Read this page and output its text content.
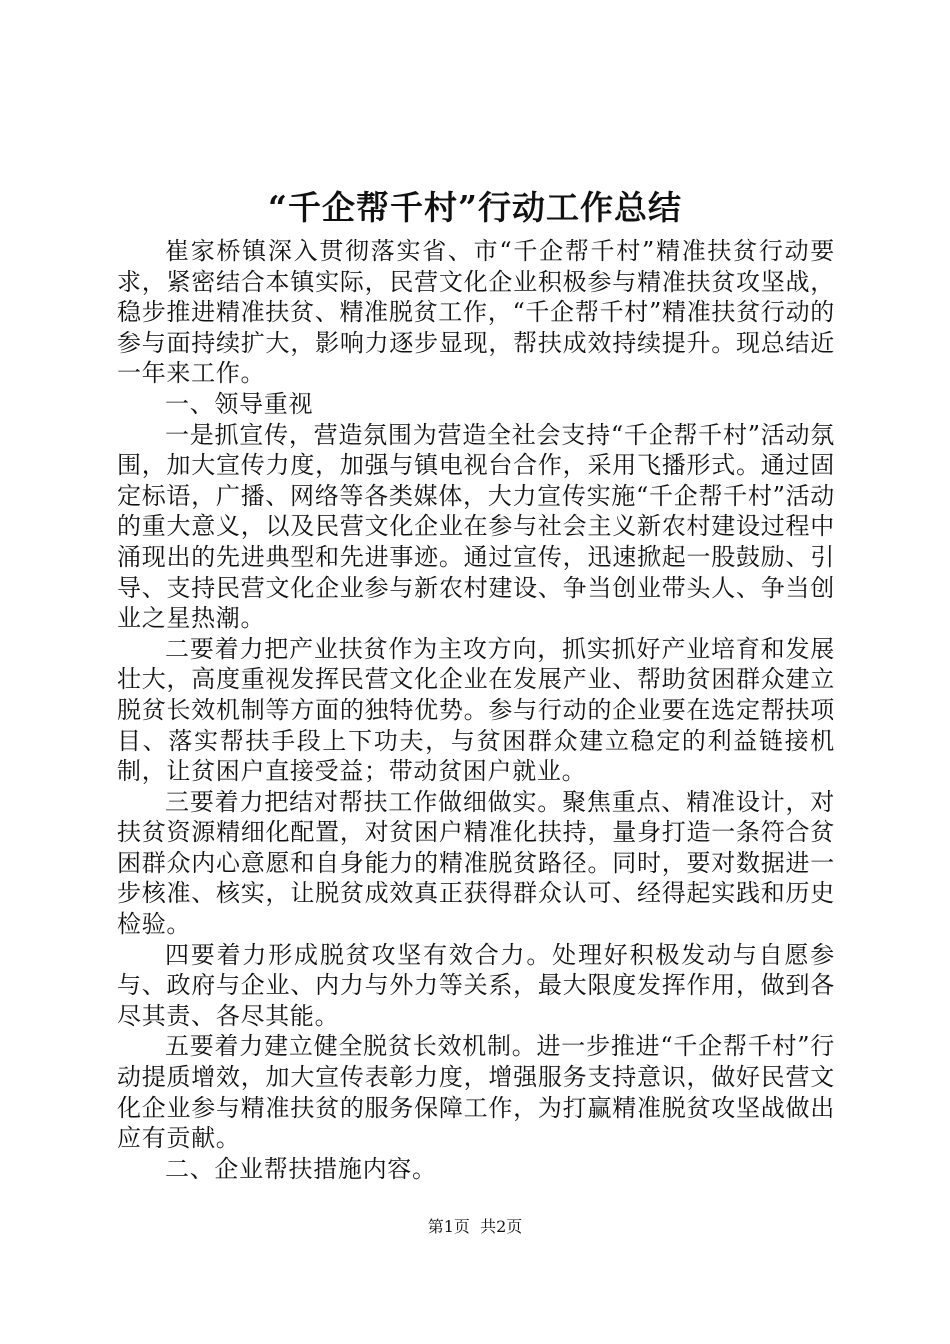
“千企帮千村”行动工作总结

崔家桥镇深入贯彻落实省、市“千企帮千村”精准扶贫行动要求，紧密结合本镇实际，民营文化企业积极参与精准扶贫攻坚战，稳步推进精准扶贫、精准脱贫工作，“千企帮千村”精准扶贫行动的参与面持续扩大，影响力逐步显现，帮扶成效持续提升。现总结近一年来工作。

一、领导重视

一是抓宣传，营造氛围为营造全社会支持“千企帮千村”活动氛围，加大宣传力度，加强与镇电视台合作，采用飞播形式。通过固定标语，广播、网络等各类媒体，大力宣传实施“千企帮千村”活动的重大意义，以及民营文化企业在参与社会主义新农村建设过程中涌现出的先进典型和先进事迹。通过宣传，迅速掀起一股鼓励、引导、支持民营文化企业参与新农村建设、争当创业带头人、争当创业之星热潮。

二要着力把产业扶贫作为主攻方向，抓实抓好产业培育和发展壮大，高度重视发挥民营文化企业在发展产业、帮助贫困群众建立脱贫长效机制等方面的独特优势。参与行动的企业要在选定帮扶项目、落实帮扶手段上下功夫，与贫困群众建立稳定的利益链接机制，让贫困户直接受益；带动贫困户就业。

三要着力把结对帮扶工作做细做实。聚焦重点、精准设计，对扶贫资源精细化配置，对贫困户精准化扶持，量身打造一条符合贫困群众内心意愿和自身能力的精准脱贫路径。同时，要对数据进一步核准、核实，让脱贫成效真正获得群众认可、经得起实践和历史检验。

四要着力形成脱贫攻坚有效合力。处理好积极发动与自愿参与、政府与企业、内力与外力等关系，最大限度发挥作用，做到各尽其责、各尽其能。

五要着力建立健全脱贫长效机制。进一步推进“千企帮千村”行动提质增效，加大宣传表彰力度，增强服务支持意识，做好民营文化企业参与精准扶贫的服务保障工作，为打赢精准脱贫攻坚战做出应有贡献。

二、企业帮扶措施内容。

第1页  共2页
